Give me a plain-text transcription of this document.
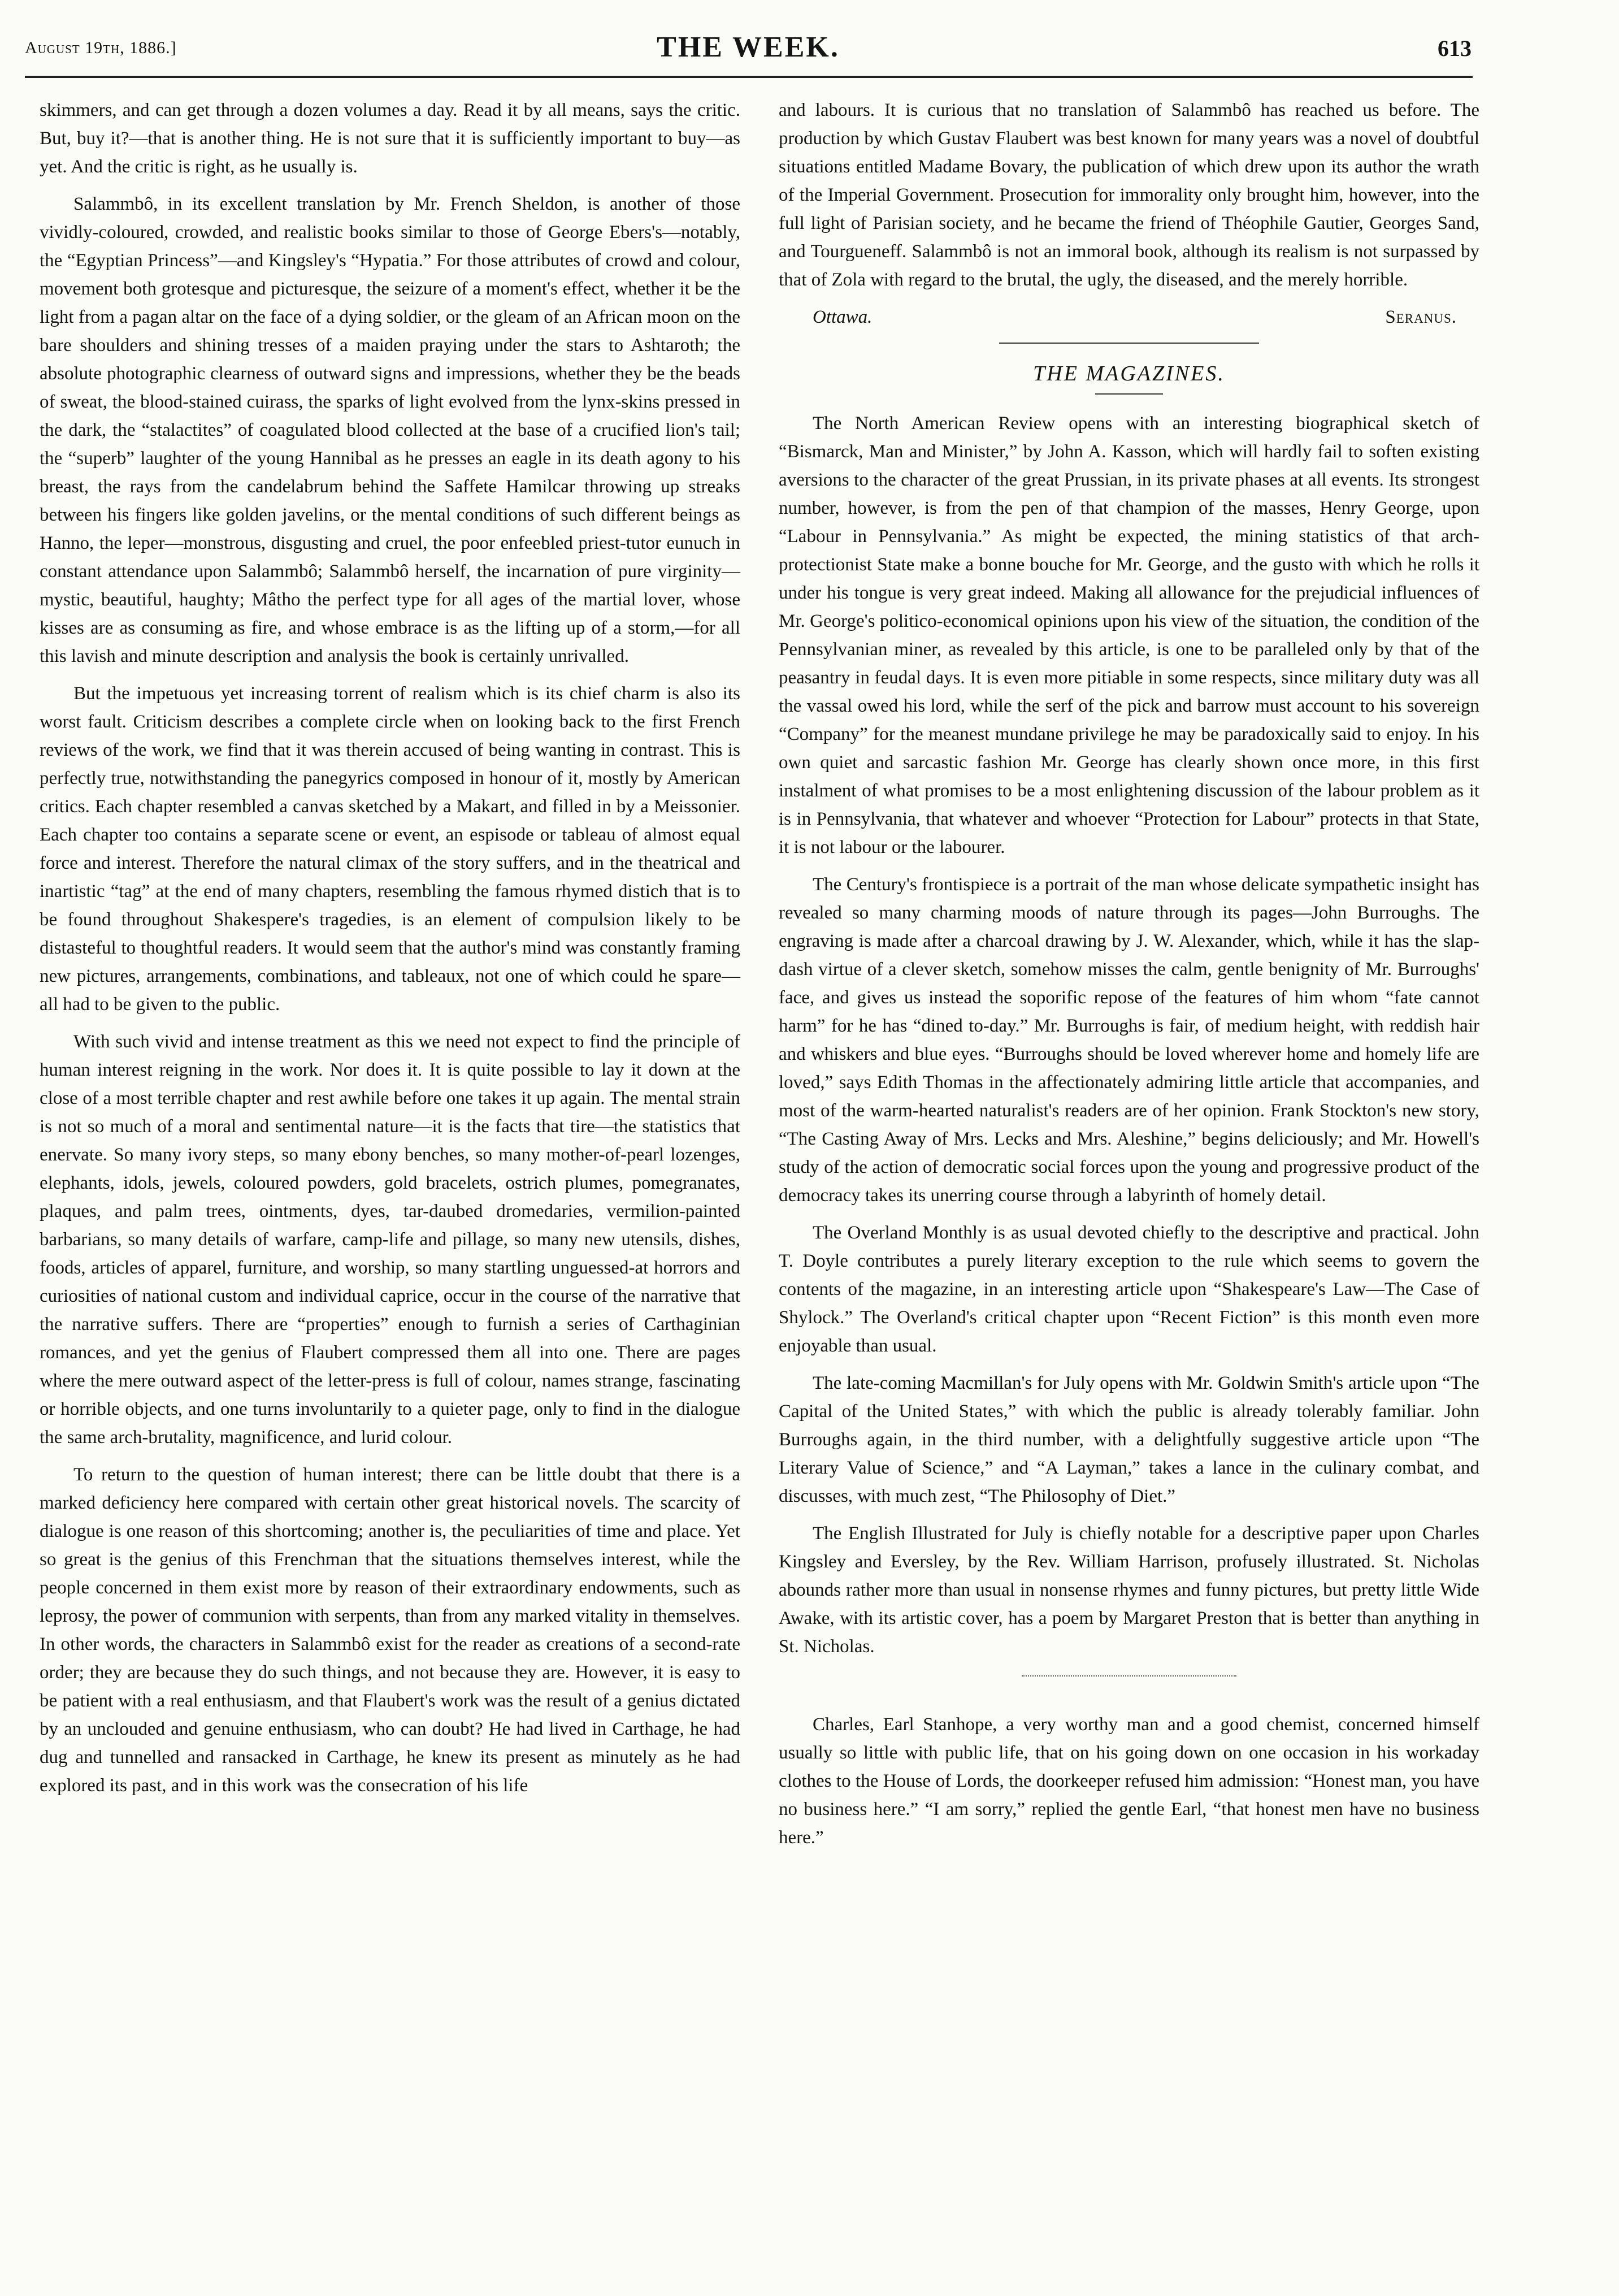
August 19th, 1886.]	THE WEEK.	613

skimmers, and can get through a dozen volumes a day. Read it by all means, says the critic. But, buy it?—that is another thing. He is not sure that it is sufficiently important to buy—as yet. And the critic is right, as he usually is.

Salammbô, in its excellent translation by Mr. French Sheldon, is another of those vividly-coloured, crowded, and realistic books similar to those of George Ebers's—notably, the “Egyptian Princess”—and Kingsley's “Hypatia.” For those attributes of crowd and colour, movement both grotesque and picturesque, the seizure of a moment's effect, whether it be the light from a pagan altar on the face of a dying soldier, or the gleam of an African moon on the bare shoulders and shining tresses of a maiden praying under the stars to Ashtaroth; the absolute photographic clearness of outward signs and impressions, whether they be the beads of sweat, the blood-stained cuirass, the sparks of light evolved from the lynx-skins pressed in the dark, the “stalactites” of coagulated blood collected at the base of a crucified lion's tail; the “superb” laughter of the young Hannibal as he presses an eagle in its death agony to his breast, the rays from the candelabrum behind the Saffete Hamilcar throwing up streaks between his fingers like golden javelins, or the mental conditions of such different beings as Hanno, the leper—monstrous, disgusting and cruel, the poor enfeebled priest-tutor eunuch in constant attendance upon Salammbô; Salammbô herself, the incarnation of pure virginity—mystic, beautiful, haughty; Mâtho the perfect type for all ages of the martial lover, whose kisses are as consuming as fire, and whose embrace is as the lifting up of a storm,—for all this lavish and minute description and analysis the book is certainly unrivalled.

But the impetuous yet increasing torrent of realism which is its chief charm is also its worst fault. Criticism describes a complete circle when on looking back to the first French reviews of the work, we find that it was therein accused of being wanting in contrast. This is perfectly true, notwithstanding the panegyrics composed in honour of it, mostly by American critics. Each chapter resembled a canvas sketched by a Makart, and filled in by a Meissonier. Each chapter too contains a separate scene or event, an espisode or tableau of almost equal force and interest. Therefore the natural climax of the story suffers, and in the theatrical and inartistic “tag” at the end of many chapters, resembling the famous rhymed distich that is to be found throughout Shakespere's tragedies, is an element of compulsion likely to be distasteful to thoughtful readers. It would seem that the author's mind was constantly framing new pictures, arrangements, combinations, and tableaux, not one of which could he spare—all had to be given to the public.

With such vivid and intense treatment as this we need not expect to find the principle of human interest reigning in the work. Nor does it. It is quite possible to lay it down at the close of a most terrible chapter and rest awhile before one takes it up again. The mental strain is not so much of a moral and sentimental nature—it is the facts that tire—the statistics that enervate. So many ivory steps, so many ebony benches, so many mother-of-pearl lozenges, elephants, idols, jewels, coloured powders, gold bracelets, ostrich plumes, pomegranates, plaques, and palm trees, ointments, dyes, tar-daubed dromedaries, vermilion-painted barbarians, so many details of warfare, camp-life and pillage, so many new utensils, dishes, foods, articles of apparel, furniture, and worship, so many startling unguessed-at horrors and curiosities of national custom and individual caprice, occur in the course of the narrative that the narrative suffers. There are “properties” enough to furnish a series of Carthaginian romances, and yet the genius of Flaubert compressed them all into one. There are pages where the mere outward aspect of the letter-press is full of colour, names strange, fascinating or horrible objects, and one turns involuntarily to a quieter page, only to find in the dialogue the same arch-brutality, magnificence, and lurid colour.

To return to the question of human interest; there can be little doubt that there is a marked deficiency here compared with certain other great historical novels. The scarcity of dialogue is one reason of this shortcoming; another is, the peculiarities of time and place. Yet so great is the genius of this Frenchman that the situations themselves interest, while the people concerned in them exist more by reason of their extraordinary endowments, such as leprosy, the power of communion with serpents, than from any marked vitality in themselves. In other words, the characters in Salammbô exist for the reader as creations of a second-rate order; they are because they do such things, and not because they are. However, it is easy to be patient with a real enthusiasm, and that Flaubert's work was the result of a genius dictated by an unclouded and genuine enthusiasm, who can doubt? He had lived in Carthage, he had dug and tunnelled and ransacked in Carthage, he knew its present as minutely as he had explored its past, and in this work was the consecration of his life

and labours. It is curious that no translation of Salammbô has reached us before. The production by which Gustav Flaubert was best known for many years was a novel of doubtful situations entitled Madame Bovary, the publication of which drew upon its author the wrath of the Imperial Government. Prosecution for immorality only brought him, however, into the full light of Parisian society, and he became the friend of Théophile Gautier, Georges Sand, and Tourgueneff. Salammbô is not an immoral book, although its realism is not surpassed by that of Zola with regard to the brutal, the ugly, the diseased, and the merely horrible.

Ottawa.	Seranus.
THE MAGAZINES.

The North American Review opens with an interesting biographical sketch of “Bismarck, Man and Minister,” by John A. Kasson, which will hardly fail to soften existing aversions to the character of the great Prussian, in its private phases at all events. Its strongest number, however, is from the pen of that champion of the masses, Henry George, upon “Labour in Pennsylvania.” As might be expected, the mining statistics of that arch-protectionist State make a bonne bouche for Mr. George, and the gusto with which he rolls it under his tongue is very great indeed. Making all allowance for the prejudicial influences of Mr. George's politico-economical opinions upon his view of the situation, the condition of the Pennsylvanian miner, as revealed by this article, is one to be paralleled only by that of the peasantry in feudal days. It is even more pitiable in some respects, since military duty was all the vassal owed his lord, while the serf of the pick and barrow must account to his sovereign “Company” for the meanest mundane privilege he may be paradoxically said to enjoy. In his own quiet and sarcastic fashion Mr. George has clearly shown once more, in this first instalment of what promises to be a most enlightening discussion of the labour problem as it is in Pennsylvania, that whatever and whoever “Protection for Labour” protects in that State, it is not labour or the labourer.

The Century's frontispiece is a portrait of the man whose delicate sympathetic insight has revealed so many charming moods of nature through its pages—John Burroughs. The engraving is made after a charcoal drawing by J. W. Alexander, which, while it has the slap-dash virtue of a clever sketch, somehow misses the calm, gentle benignity of Mr. Burroughs' face, and gives us instead the soporific repose of the features of him whom “fate cannot harm” for he has “dined to-day.” Mr. Burroughs is fair, of medium height, with reddish hair and whiskers and blue eyes. “Burroughs should be loved wherever home and homely life are loved,” says Edith Thomas in the affectionately admiring little article that accompanies, and most of the warm-hearted naturalist's readers are of her opinion. Frank Stockton's new story, “The Casting Away of Mrs. Lecks and Mrs. Aleshine,” begins deliciously; and Mr. Howell's study of the action of democratic social forces upon the young and progressive product of the democracy takes its unerring course through a labyrinth of homely detail.

The Overland Monthly is as usual devoted chiefly to the descriptive and practical. John T. Doyle contributes a purely literary exception to the rule which seems to govern the contents of the magazine, in an interesting article upon “Shakespeare's Law—The Case of Shylock.” The Overland's critical chapter upon “Recent Fiction” is this month even more enjoyable than usual.

The late-coming Macmillan's for July opens with Mr. Goldwin Smith's article upon “The Capital of the United States,” with which the public is already tolerably familiar. John Burroughs again, in the third number, with a delightfully suggestive article upon “The Literary Value of Science,” and “A Layman,” takes a lance in the culinary combat, and discusses, with much zest, “The Philosophy of Diet.”

The English Illustrated for July is chiefly notable for a descriptive paper upon Charles Kingsley and Eversley, by the Rev. William Harrison, profusely illustrated. St. Nicholas abounds rather more than usual in nonsense rhymes and funny pictures, but pretty little Wide Awake, with its artistic cover, has a poem by Margaret Preston that is better than anything in St. Nicholas.

Charles, Earl Stanhope, a very worthy man and a good chemist, concerned himself usually so little with public life, that on his going down on one occasion in his workaday clothes to the House of Lords, the doorkeeper refused him admission: “Honest man, you have no business here.” “I am sorry,” replied the gentle Earl, “that honest men have no business here.”
